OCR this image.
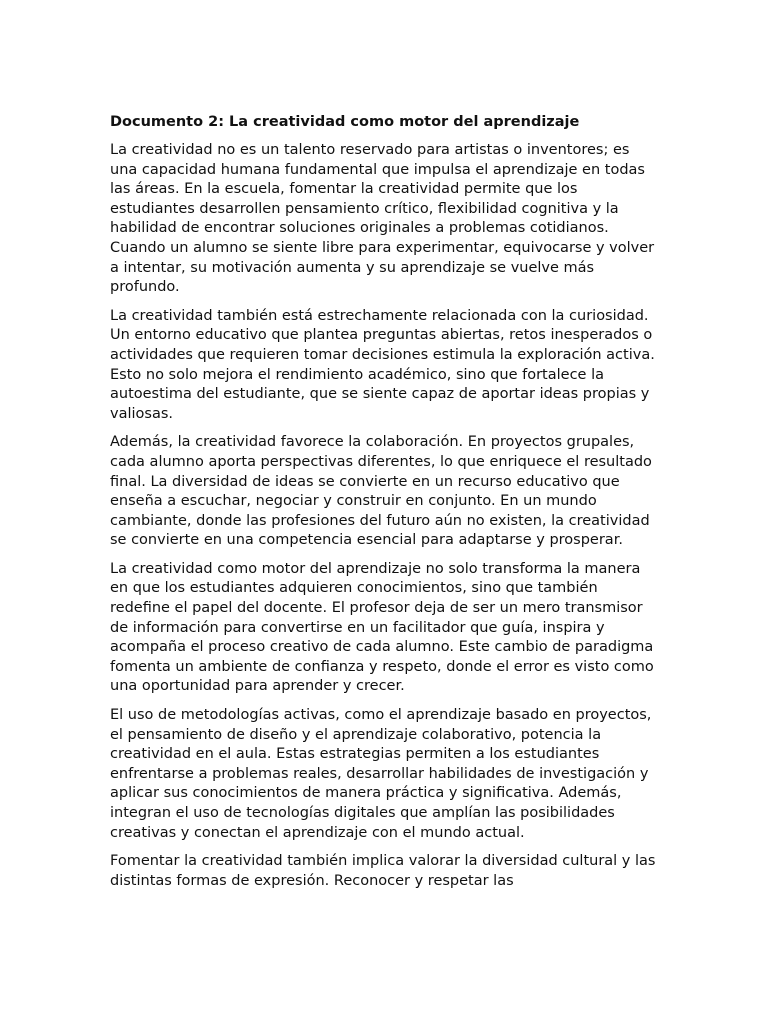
Documento 2: La creatividad como motor del aprendizaje

La creatividad no es un talento reservado para artistas o inventores; es una capacidad humana fundamental que impulsa el aprendizaje en todas las áreas. En la escuela, fomentar la creatividad permite que los estudiantes desarrollen pensamiento crítico, flexibilidad cognitiva y la habilidad de encontrar soluciones originales a problemas cotidianos. Cuando un alumno se siente libre para experimentar, equivocarse y volver a intentar, su motivación aumenta y su aprendizaje se vuelve más profundo.

La creatividad también está estrechamente relacionada con la curiosidad. Un entorno educativo que plantea preguntas abiertas, retos inesperados o actividades que requieren tomar decisiones estimula la exploración activa. Esto no solo mejora el rendimiento académico, sino que fortalece la autoestima del estudiante, que se siente capaz de aportar ideas propias y valiosas.

Además, la creatividad favorece la colaboración. En proyectos grupales, cada alumno aporta perspectivas diferentes, lo que enriquece el resultado final. La diversidad de ideas se convierte en un recurso educativo que enseña a escuchar, negociar y construir en conjunto. En un mundo cambiante, donde las profesiones del futuro aún no existen, la creatividad se convierte en una competencia esencial para adaptarse y prosperar.

La creatividad como motor del aprendizaje no solo transforma la manera en que los estudiantes adquieren conocimientos, sino que también redefine el papel del docente. El profesor deja de ser un mero transmisor de información para convertirse en un facilitador que guía, inspira y acompaña el proceso creativo de cada alumno. Este cambio de paradigma fomenta un ambiente de confianza y respeto, donde el error es visto como una oportunidad para aprender y crecer.

El uso de metodologías activas, como el aprendizaje basado en proyectos, el pensamiento de diseño y el aprendizaje colaborativo, potencia la creatividad en el aula. Estas estrategias permiten a los estudiantes enfrentarse a problemas reales, desarrollar habilidades de investigación y aplicar sus conocimientos de manera práctica y significativa. Además, integran el uso de tecnologías digitales que amplían las posibilidades creativas y conectan el aprendizaje con el mundo actual.

Fomentar la creatividad también implica valorar la diversidad cultural y las distintas formas de expresión. Reconocer y respetar las
